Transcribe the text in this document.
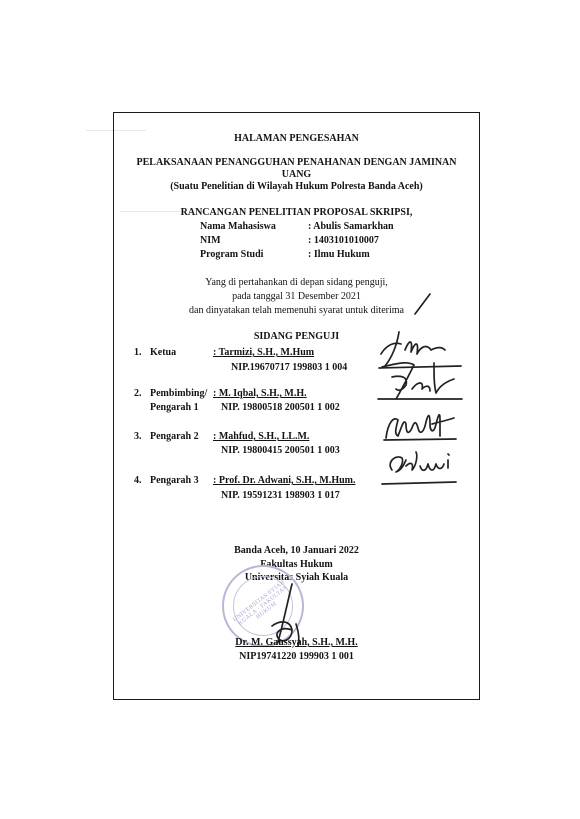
HALAMAN PENGESAHAN
PELAKSANAAN PENANGGUHAN PENAHANAN DENGAN JAMINAN
UANG
(Suatu Penelitian di Wilayah Hukum Polresta Banda Aceh)
RANCANGAN PENELITIAN PROPOSAL SKRIPSI,
Nama Mahasiswa	: Abulis Samarkhan
NIM	: 1403101010007
Program Studi	: Ilmu Hukum
Yang di pertahankan di depan sidang penguji,
pada tanggal 31 Desember 2021
dan dinyatakan telah memenuhi syarat untuk diterima
SIDANG PENGUJI
1. Ketua	: Tarmizi, S.H., M.Hum
NIP.19670717 199803 1 004
2. Pembimbing/
Pengarah 1
: M. Iqbal, S.H., M.H.
NIP. 19800518 200501 1 002
3. Pengarah 2 : Mahfud, S.H., LL.M.
NIP. 19800415 200501 1 003
4. Pengarah 3 : Prof. Dr. Adwani, S.H., M.Hum.
NIP. 19591231 198903 1 017
Banda Aceh, 10 Januari 2022
Fakultas Hukum
Universitas Syiah Kuala
UNIVERSITAS SYIAH KUALA · FAKULTAS HUKUM
Dr. M. Gaussyah, S.H., M.H.
NIP19741220 199903 1 001
